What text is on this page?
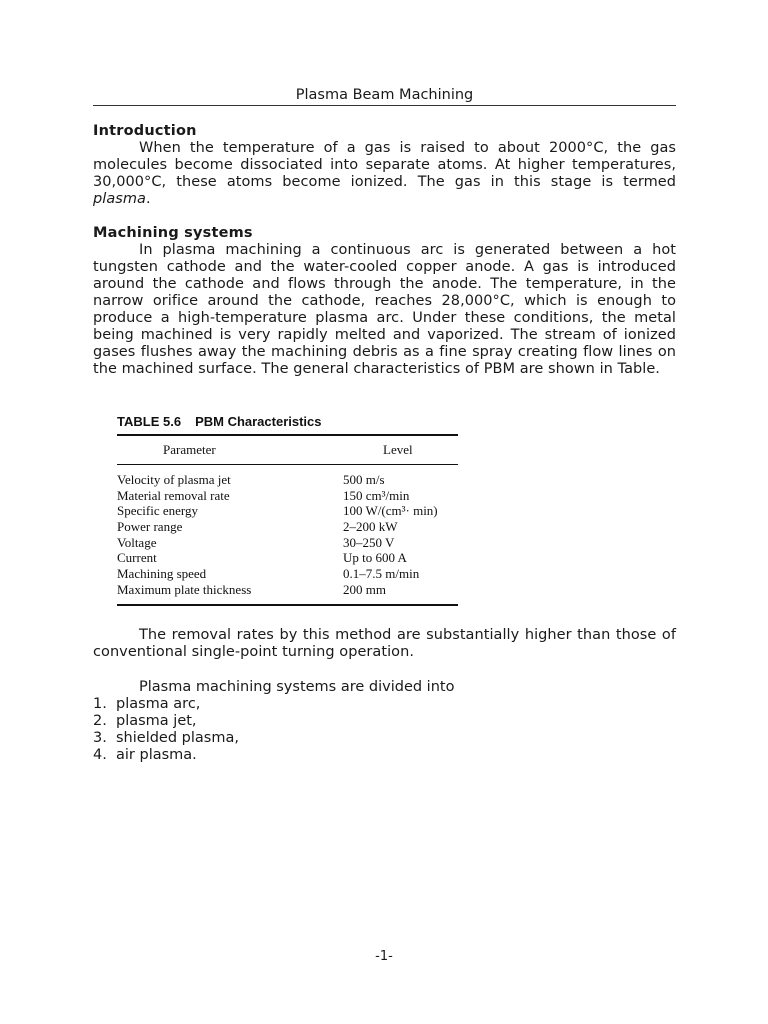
Plasma Beam Machining
Introduction

When the temperature of a gas is raised to about 2000°C, the gas molecules become dissociated into separate atoms. At higher temperatures, 30,000°C, these atoms become ionized. The gas in this stage is termed plasma.

Machining systems

In plasma machining a continuous arc is generated between a hot tungsten cathode and the water-cooled copper anode. A gas is introduced around the cathode and flows through the anode. The temperature, in the narrow orifice around the cathode, reaches 28,000°C, which is enough to produce a high-temperature plasma arc. Under these conditions, the metal being machined is very rapidly melted and vaporized. The stream of ionized gases flushes away the machining debris as a fine spray creating flow lines on the machined surface. The general characteristics of PBM are shown in Table.

TABLE 5.6 PBM Characteristics
Parameter	Level
Velocity of plasma jet	500 m/s
Material removal rate	150 cm³/min
Specific energy	100 W/(cm³· min)
Power range	2–200 kW
Voltage	30–250 V
Current	Up to 600 A
Machining speed	0.1–7.5 m/min
Maximum plate thickness	200 mm

The removal rates by this method are substantially higher than those of conventional single-point turning operation.

Plasma machining systems are divided into
1. plasma arc,
2. plasma jet,
3. shielded plasma,
4. air plasma.
-1-
